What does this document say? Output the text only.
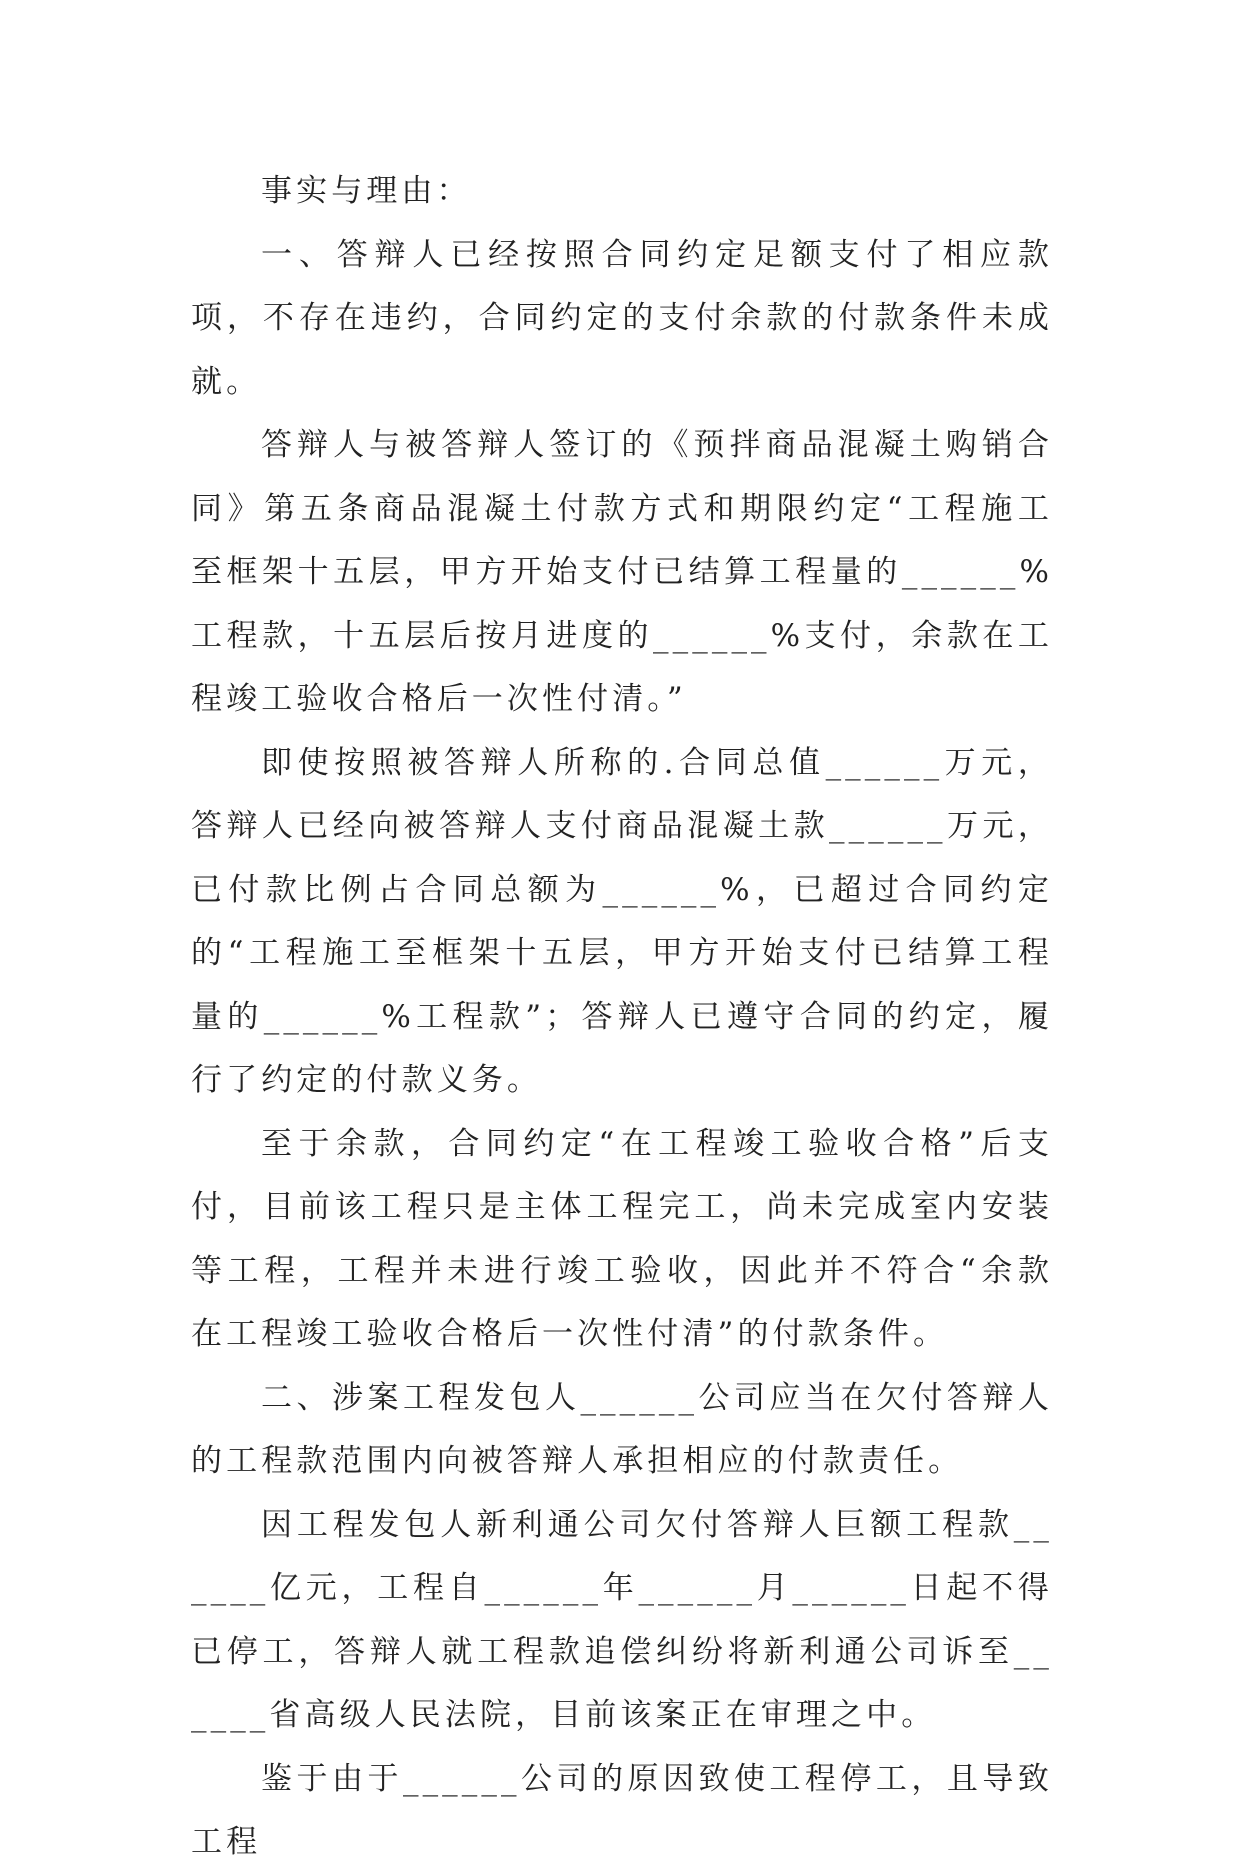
事实与理由：

一、答辩人已经按照合同约定足额支付了相应款项，不存在违约，合同约定的支付余款的付款条件未成就。

答辩人与被答辩人签订的《预拌商品混凝土购销合同》第五条商品混凝土付款方式和期限约定“工程施工至框架十五层，甲方开始支付已结算工程量的______%工程款，十五层后按月进度的______%支付，余款在工程竣工验收合格后一次性付清。”

即使按照被答辩人所称的.合同总值______万元，答辩人已经向被答辩人支付商品混凝土款______万元，已付款比例占合同总额为______%，已超过合同约定的“工程施工至框架十五层，甲方开始支付已结算工程量的______%工程款”；答辩人已遵守合同的约定，履行了约定的付款义务。

至于余款，合同约定“在工程竣工验收合格”后支付，目前该工程只是主体工程完工，尚未完成室内安装等工程，工程并未进行竣工验收，因此并不符合“余款在工程竣工验收合格后一次性付清”的付款条件。

二、涉案工程发包人______公司应当在欠付答辩人的工程款范围内向被答辩人承担相应的付款责任。

因工程发包人新利通公司欠付答辩人巨额工程款______亿元，工程自______年______月______日起不得已停工，答辩人就工程款追偿纠纷将新利通公司诉至______省高级人民法院，目前该案正在审理之中。

鉴于由于______公司的原因致使工程停工，且导致工程
